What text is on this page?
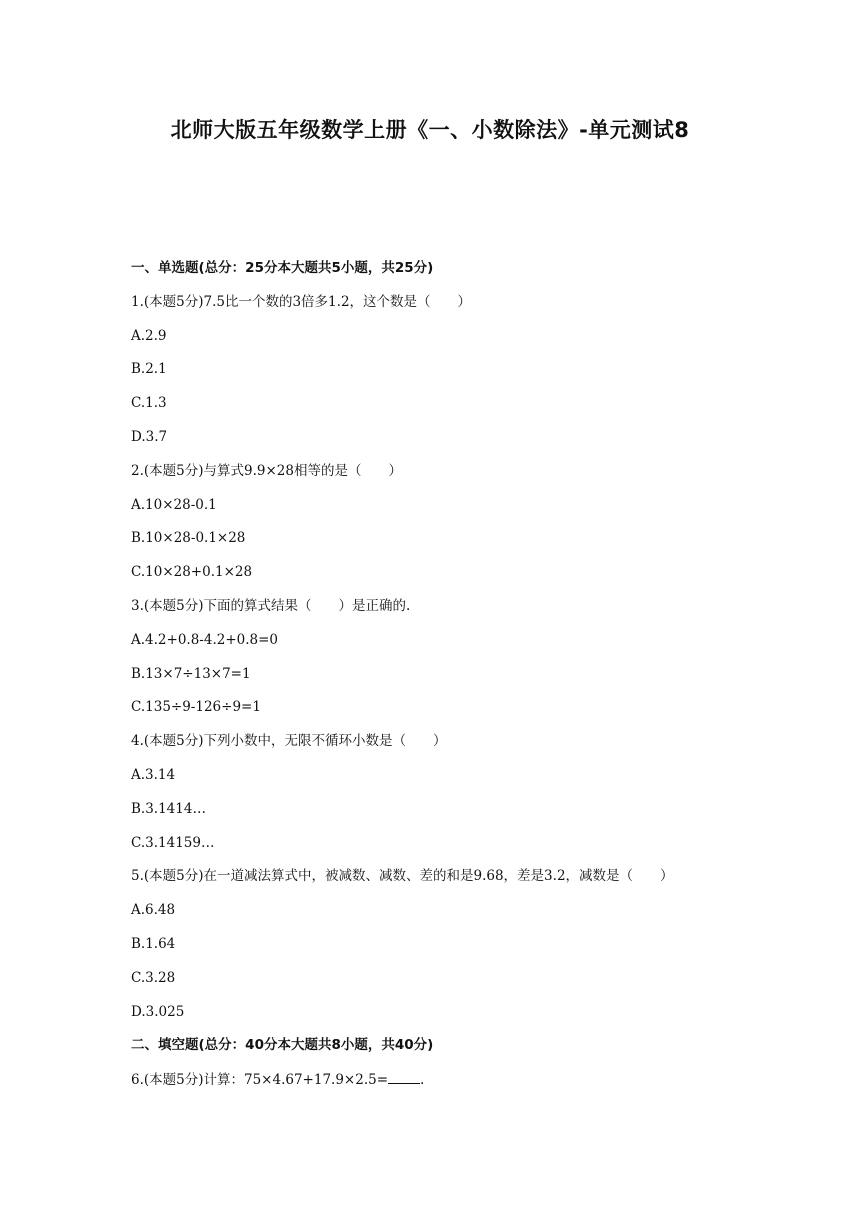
北师大版五年级数学上册《一、小数除法》-单元测试8
一、单选题(总分：25分本大题共5小题，共25分)
1.(本题5分)7.5比一个数的3倍多1.2，这个数是（　　）
A.2.9
B.2.1
C.1.3
D.3.7
2.(本题5分)与算式9.9×28相等的是（　　）
A.10×28-0.1
B.10×28-0.1×28
C.10×28+0.1×28
3.(本题5分)下面的算式结果（　　）是正确的.
A.4.2+0.8-4.2+0.8=0
B.13×7÷13×7=1
C.135÷9-126÷9=1
4.(本题5分)下列小数中，无限不循环小数是（　　）
A.3.14
B.3.1414…
C.3.14159…
5.(本题5分)在一道减法算式中，被减数、减数、差的和是9.68，差是3.2，减数是（　　）
A.6.48
B.1.64
C.3.28
D.3.025
二、填空题(总分：40分本大题共8小题，共40分)
6.(本题5分)计算：75×4.67+17.9×2.5= .
